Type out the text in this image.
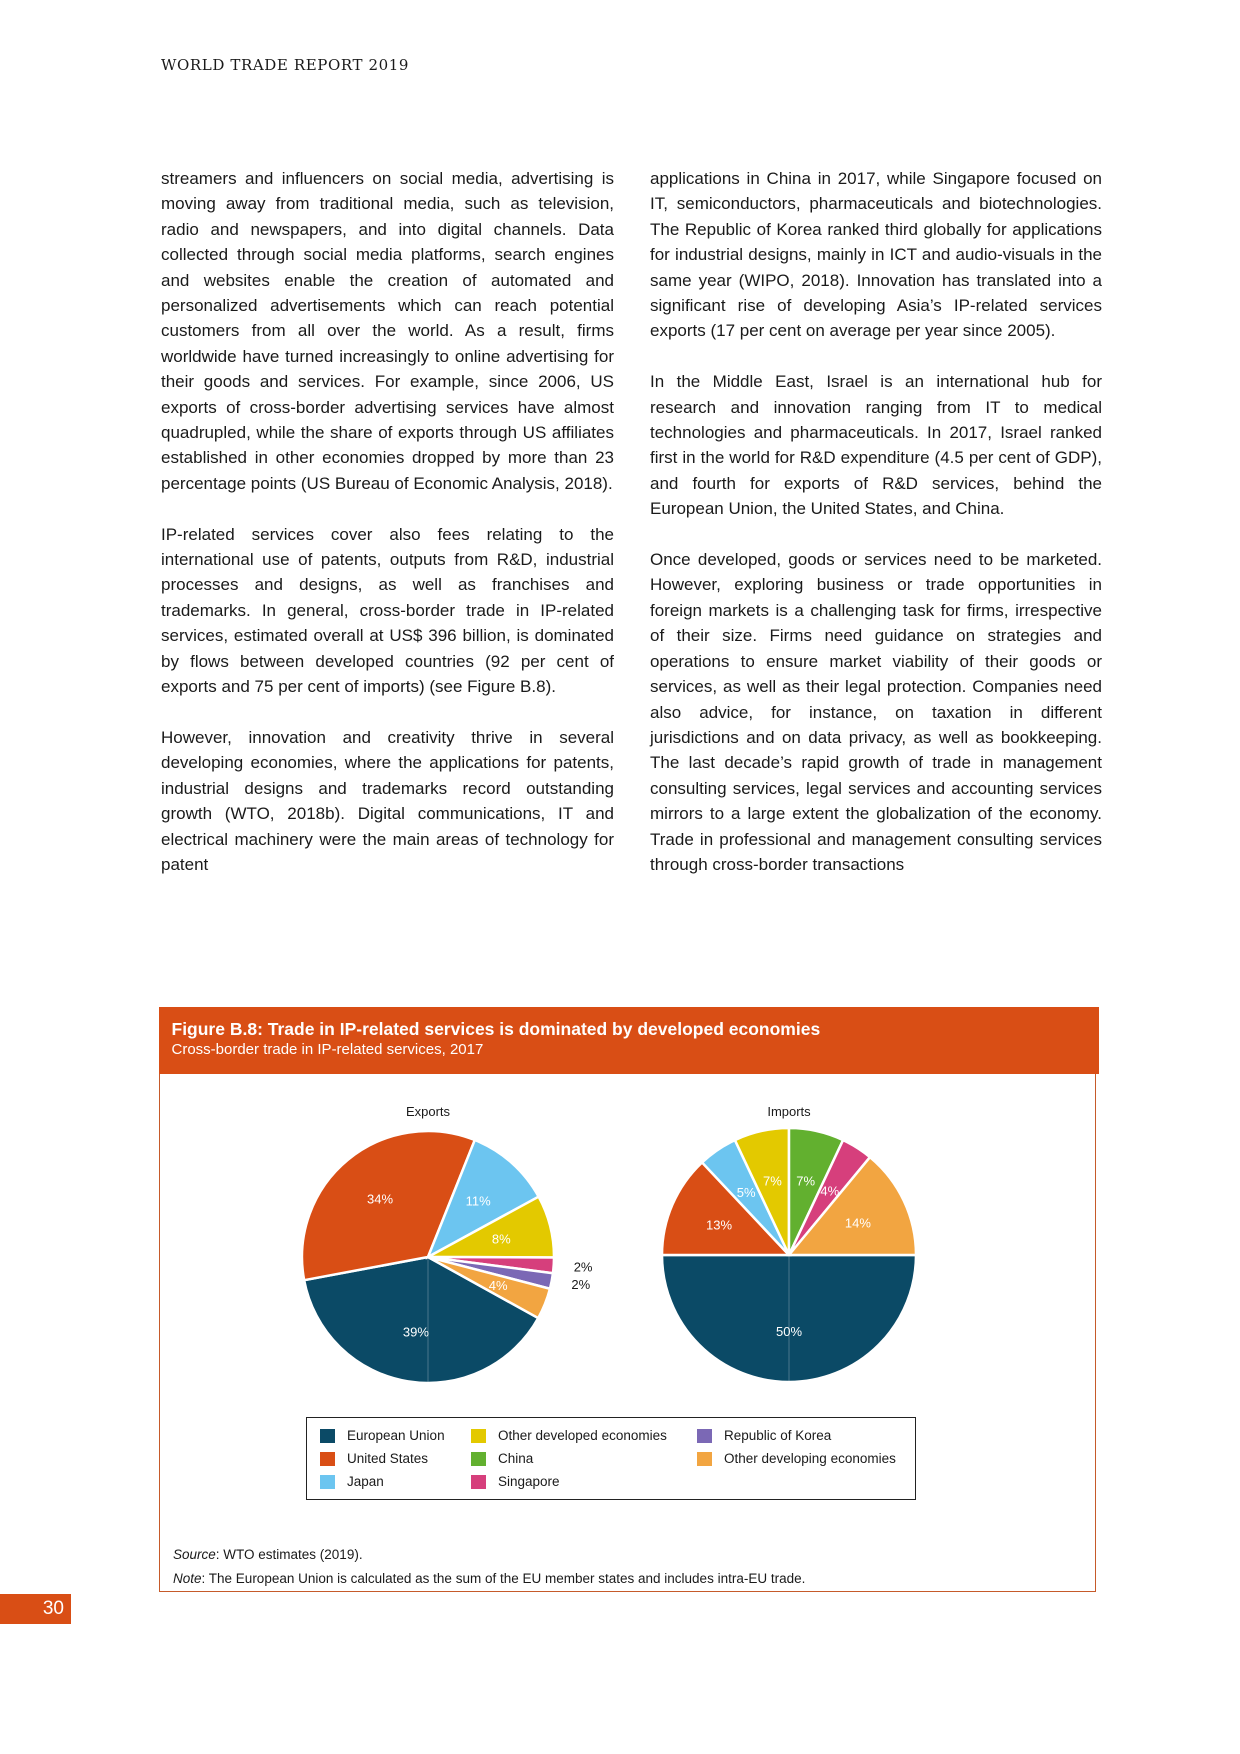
WORLD TRADE REPORT 2019

streamers and influencers on social media, advertising is moving away from traditional media, such as television, radio and newspapers, and into digital channels. Data collected through social media platforms, search engines and websites enable the creation of automated and personalized advertisements which can reach potential customers from all over the world. As a result, firms worldwide have turned increasingly to online advertising for their goods and services. For example, since 2006, US exports of cross-border advertising services have almost quadrupled, while the share of exports through US affiliates established in other economies dropped by more than 23 percentage points (US Bureau of Economic Analysis, 2018).

IP-related services cover also fees relating to the international use of patents, outputs from R&D, industrial processes and designs, as well as franchises and trademarks. In general, cross-border trade in IP-related services, estimated overall at US$ 396 billion, is dominated by flows between developed countries (92 per cent of exports and 75 per cent of imports) (see Figure B.8).

However, innovation and creativity thrive in several developing economies, where the applications for patents, industrial designs and trademarks record outstanding growth (WTO, 2018b). Digital communications, IT and electrical machinery were the main areas of technology for patent

applications in China in 2017, while Singapore focused on IT, semiconductors, pharmaceuticals and biotechnologies. The Republic of Korea ranked third globally for applications for industrial designs, mainly in ICT and audio-visuals in the same year (WIPO, 2018). Innovation has translated into a significant rise of developing Asia’s IP-related services exports (17 per cent on average per year since 2005).

In the Middle East, Israel is an international hub for research and innovation ranging from IT to medical technologies and pharmaceuticals. In 2017, Israel ranked first in the world for R&D expenditure (4.5 per cent of GDP), and fourth for exports of R&D services, behind the European Union, the United States, and China.

Once developed, goods or services need to be marketed. However, exploring business or trade opportunities in foreign markets is a challenging task for firms, irrespective of their size. Firms need guidance on strategies and operations to ensure market viability of their goods or services, as well as their legal protection. Companies need also advice, for instance, on taxation in different jurisdictions and on data privacy, as well as bookkeeping. The last decade’s rapid growth of trade in management consulting services, legal services and accounting services mirrors to a large extent the globalization of the economy. Trade in professional and management consulting services through cross-border transactions

Figure B.8: Trade in IP-related services is dominated by developed economies

Cross-border trade in IP-related services, 2017

Exports	Imports
39%
34%	11%
8%
2%
2%
4%
50%
13%
5%
7% 7%
4%
14%
European Union
United States
Japan
Other developed economies
China
Singapore
Republic of Korea
Other developing economies
Source: WTO estimates (2019).
Note: The European Union is calculated as the sum of the EU member states and includes intra-EU trade.
30
